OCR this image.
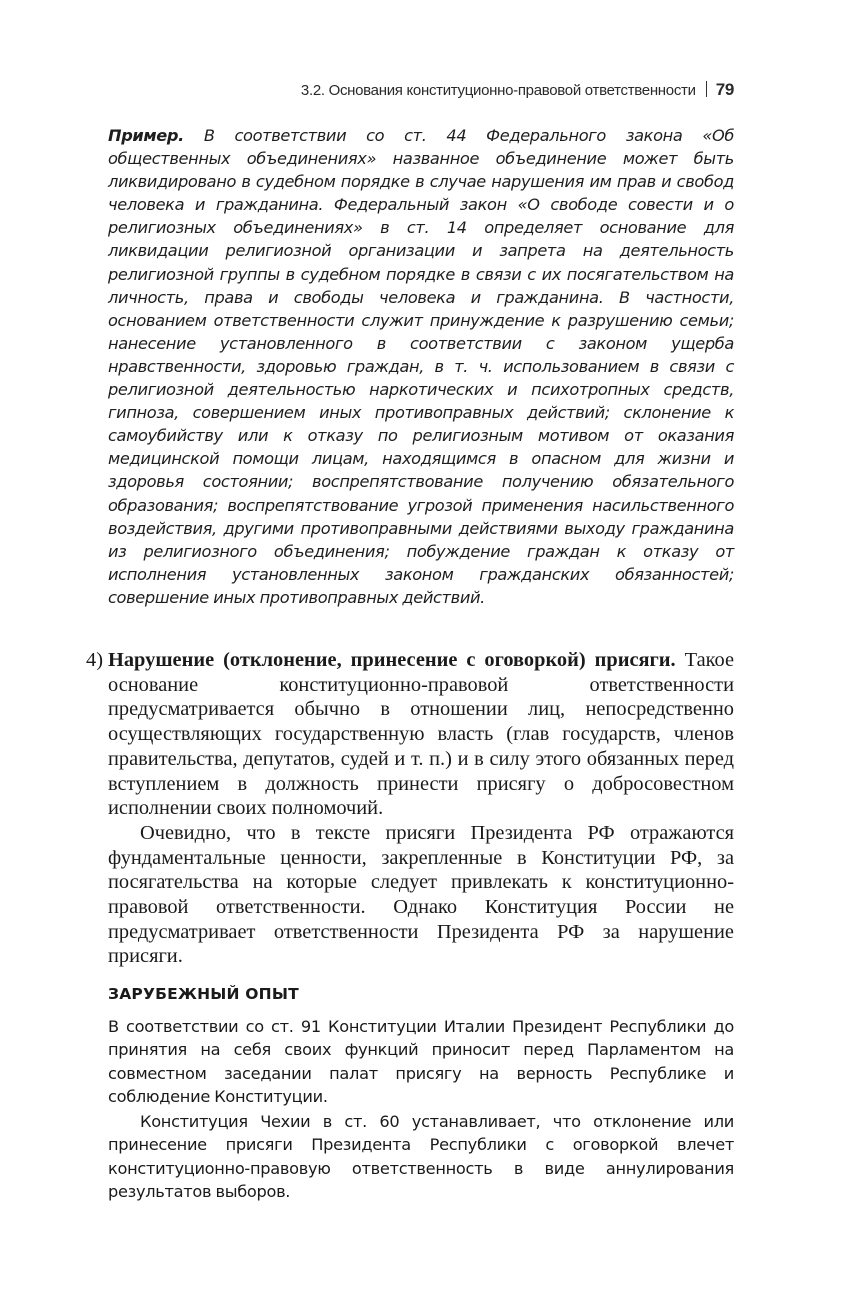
3.2. Основания конституционно-правовой ответственности 79
Пример. В соответствии со ст. 44 Федерального закона «Об общественных объединениях» названное объединение может быть ликвидировано в судебном порядке в случае нарушения им прав и свобод человека и гражданина. Федеральный закон «О свободе совести и о религиозных объединениях» в ст. 14 определяет основание для ликвидации религиозной организации и запрета на деятельность религиозной группы в судебном порядке в связи с их посягательством на личность, права и свободы человека и гражданина. В частности, основанием ответственности служит принуждение к разрушению семьи; нанесение установленного в соответствии с законом ущерба нравственности, здоровью граждан, в т. ч. использованием в связи с религиозной деятельностью наркотических и психотропных средств, гипноза, совершением иных противоправных действий; склонение к самоубийству или к отказу по религиозным мотивом от оказания медицинской помощи лицам, находящимся в опасном для жизни и здоровья состоянии; воспрепятствование получению обязательного образования; воспрепятствование угрозой применения насильственного воздействия, другими противоправными действиями выходу гражданина из религиозного объединения; побуждение граждан к отказу от исполнения установленных законом гражданских обязанностей; совершение иных противоправных действий.
4) Нарушение (отклонение, принесение с оговоркой) присяги. Такое основание конституционно-правовой ответственности предусматривается обычно в отношении лиц, непосредственно осуществляющих государственную власть (глав государств, членов правительства, депутатов, судей и т. п.) и в силу этого обязанных перед вступлением в должность принести присягу о добросовестном исполнении своих полномочий.
Очевидно, что в тексте присяги Президента РФ отражаются фундаментальные ценности, закрепленные в Конституции РФ, за посягательства на которые следует привлекать к конституционно-правовой ответственности. Однако Конституция России не предусматривает ответственности Президента РФ за нарушение присяги.
ЗАРУБЕЖНЫЙ ОПЫТ

В соответствии со ст. 91 Конституции Италии Президент Республики до принятия на себя своих функций приносит перед Парламентом на совместном заседании палат присягу на верность Республике и соблюдение Конституции.

Конституция Чехии в ст. 60 устанавливает, что отклонение или принесение присяги Президента Республики с оговоркой влечет конституционно-правовую ответственность в виде аннулирования результатов выборов.
